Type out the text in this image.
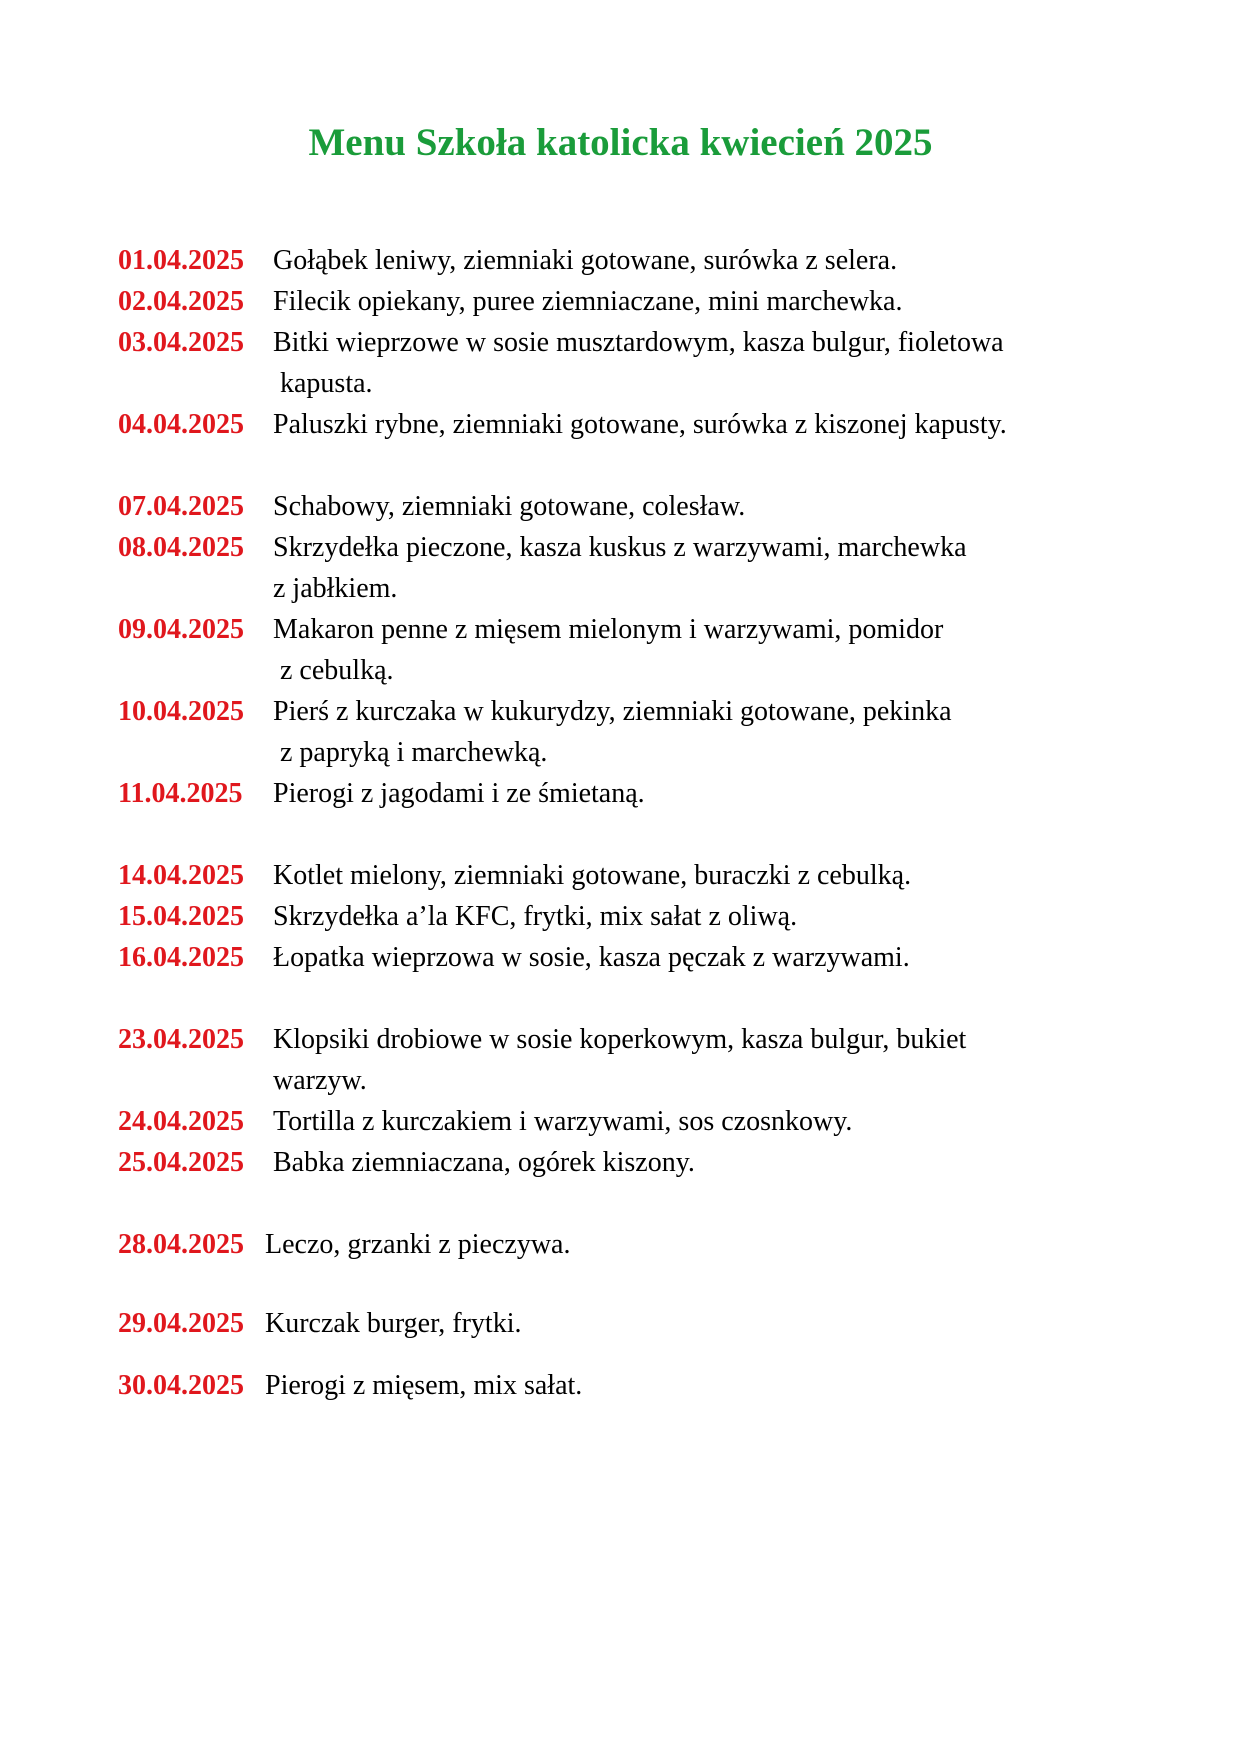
Menu Szkoła katolicka kwiecień 2025
01.04.2025 Gołąbek leniwy, ziemniaki gotowane, surówka z selera.
02.04.2025 Filecik opiekany, puree ziemniaczane, mini marchewka.
03.04.2025 Bitki wieprzowe w sosie musztardowym, kasza bulgur, fioletowa
kapusta.
04.04.2025 Paluszki rybne, ziemniaki gotowane, surówka z kiszonej kapusty.
07.04.2025 Schabowy, ziemniaki gotowane, colesław.
08.04.2025 Skrzydełka pieczone, kasza kuskus z warzywami, marchewka
z jabłkiem.
09.04.2025 Makaron penne z mięsem mielonym i warzywami, pomidor
z cebulką.
10.04.2025 Pierś z kurczaka w kukurydzy, ziemniaki gotowane, pekinka
z papryką i marchewką.
11.04.2025 Pierogi z jagodami i ze śmietaną.
14.04.2025 Kotlet mielony, ziemniaki gotowane, buraczki z cebulką.
15.04.2025 Skrzydełka a’la KFC, frytki, mix sałat z oliwą.
16.04.2025 Łopatka wieprzowa w sosie, kasza pęczak z warzywami.
23.04.2025 Klopsiki drobiowe w sosie koperkowym, kasza bulgur, bukiet
warzyw.
24.04.2025 Tortilla z kurczakiem i warzywami, sos czosnkowy.
25.04.2025 Babka ziemniaczana, ogórek kiszony.
28.04.2025 Leczo, grzanki z pieczywa.
29.04.2025 Kurczak burger, frytki.
30.04.2025 Pierogi z mięsem, mix sałat.
